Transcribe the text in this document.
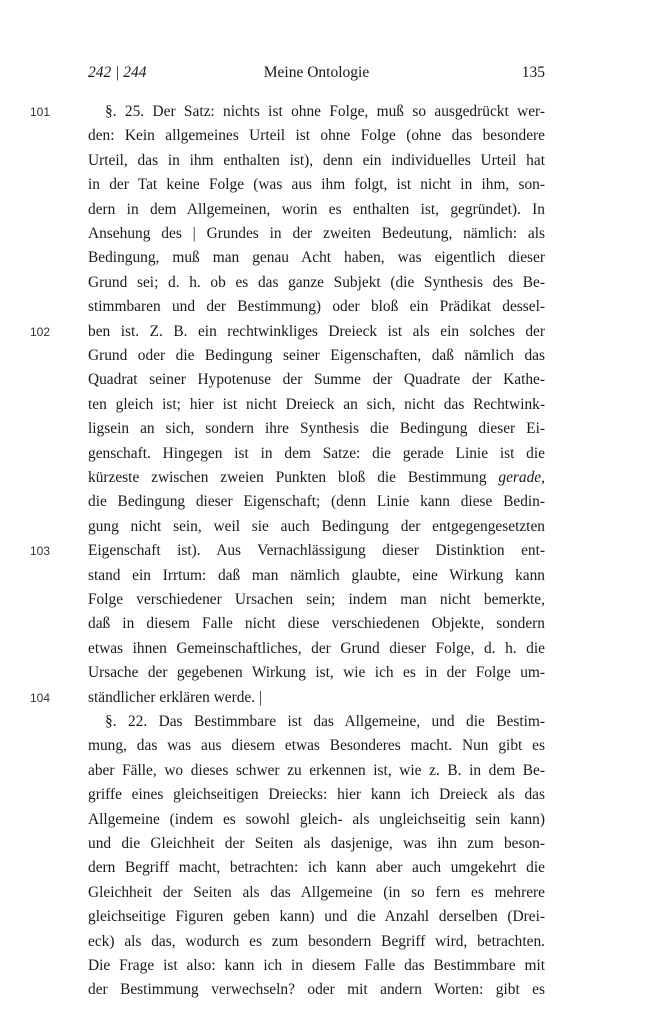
242 | 244	Meine Ontologie	135
101
102
103
104
§. 25. Der Satz: nichts ist ohne Folge, muß so ausgedrückt wer-
den: Kein allgemeines Urteil ist ohne Folge (ohne das besondere
Urteil, das in ihm enthalten ist), denn ein individuelles Urteil hat
in der Tat keine Folge (was aus ihm folgt, ist nicht in ihm, son-
dern in dem Allgemeinen, worin es enthalten ist, gegründet). In
Ansehung des | Grundes in der zweiten Bedeutung, nämlich: als
Bedingung, muß man genau Acht haben, was eigentlich dieser
Grund sei; d. h. ob es das ganze Subjekt (die Synthesis des Be-
stimmbaren und der Bestimmung) oder bloß ein Prädikat dessel-
ben ist. Z. B. ein rechtwinkliges Dreieck ist als ein solches der
Grund oder die Bedingung seiner Eigenschaften, daß nämlich das
Quadrat seiner Hypotenuse der Summe der Quadrate der Kathe-
ten gleich ist; hier ist nicht Dreieck an sich, nicht das Rechtwink-
ligsein an sich, sondern ihre Synthesis die Bedingung dieser Ei-
genschaft. Hingegen ist in dem Satze: die gerade Linie ist die
kürzeste zwischen zweien Punkten bloß die Bestimmung gerade,
die Bedingung dieser Eigenschaft; (denn Linie kann diese Bedin-
gung nicht sein, weil sie auch Bedingung der entgegengesetzten
Eigenschaft ist). Aus Vernachlässigung dieser Distinktion ent-
stand ein Irrtum: daß man nämlich glaubte, eine Wirkung kann
Folge verschiedener Ursachen sein; indem man nicht bemerkte,
daß in diesem Falle nicht diese verschiedenen Objekte, sondern
etwas ihnen Gemeinschaftliches, der Grund dieser Folge, d. h. die
Ursache der gegebenen Wirkung ist, wie ich es in der Folge um-
ständlicher erklären werde. |
§. 22. Das Bestimmbare ist das Allgemeine, und die Bestim-
mung, das was aus diesem etwas Besonderes macht. Nun gibt es
aber Fälle, wo dieses schwer zu erkennen ist, wie z. B. in dem Be-
griffe eines gleichseitigen Dreiecks: hier kann ich Dreieck als das
Allgemeine (indem es sowohl gleich- als ungleichseitig sein kann)
und die Gleichheit der Seiten als dasjenige, was ihn zum beson-
dern Begriff macht, betrachten: ich kann aber auch umgekehrt die
Gleichheit der Seiten als das Allgemeine (in so fern es mehrere
gleichseitige Figuren geben kann) und die Anzahl derselben (Drei-
eck) als das, wodurch es zum besondern Begriff wird, betrachten.
Die Frage ist also: kann ich in diesem Falle das Bestimmbare mit
der Bestimmung verwechseln? oder mit andern Worten: gibt es
